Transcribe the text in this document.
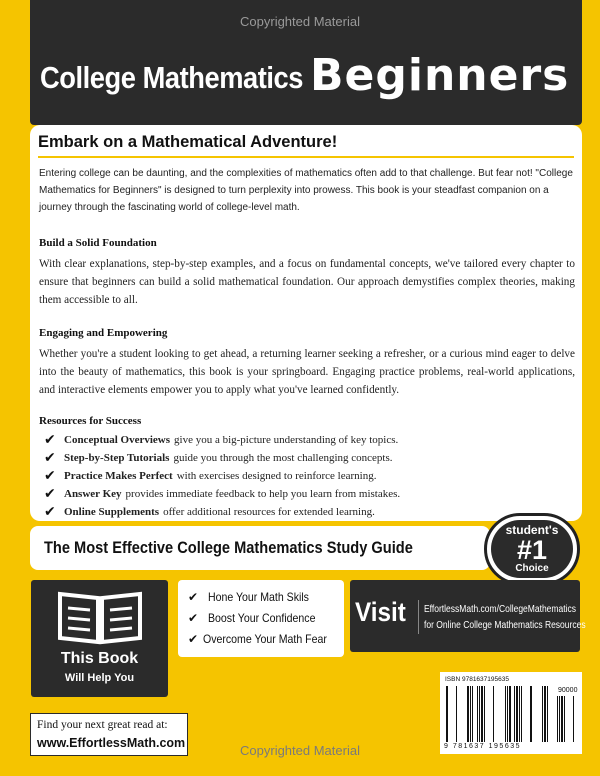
Copyrighted Material
College Mathematics Beginners
Embark on a Mathematical Adventure!
Entering college can be daunting, and the complexities of mathematics often add to that challenge. But fear not! "College Mathematics for Beginners" is designed to turn perplexity into prowess. This book is your steadfast companion on a journey through the fascinating world of college-level math.
Build a Solid Foundation
With clear explanations, step-by-step examples, and a focus on fundamental concepts, we've tailored every chapter to ensure that beginners can build a solid mathematical foundation. Our approach demystifies complex theories, making them accessible to all.
Engaging and Empowering
Whether you're a student looking to get ahead, a returning learner seeking a refresher, or a curious mind eager to delve into the beauty of mathematics, this book is your springboard. Engaging practice problems, real-world applications, and interactive elements empower you to apply what you've learned confidently.
Resources for Success
✔ Conceptual Overviews give you a big-picture understanding of key topics.
✔ Step-by-Step Tutorials guide you through the most challenging concepts.
✔ Practice Makes Perfect with exercises designed to reinforce learning.
✔ Answer Key provides immediate feedback to help you learn from mistakes.
✔ Online Supplements offer additional resources for extended learning.
The Most Effective College Mathematics Study Guide
student's
#1
Choice
This Book
Will Help You
✔ Hone Your Math Skils
✔ Boost Your Confidence
✔ Overcome Your Math Fear
Visit EffortlessMath.com/CollegeMathematics
for Online College Mathematics Resources
ISBN 9781637195635
90000
9 781637 195635
Copyrighted Material
Find your next great read at:
www.EffortlessMath.com
